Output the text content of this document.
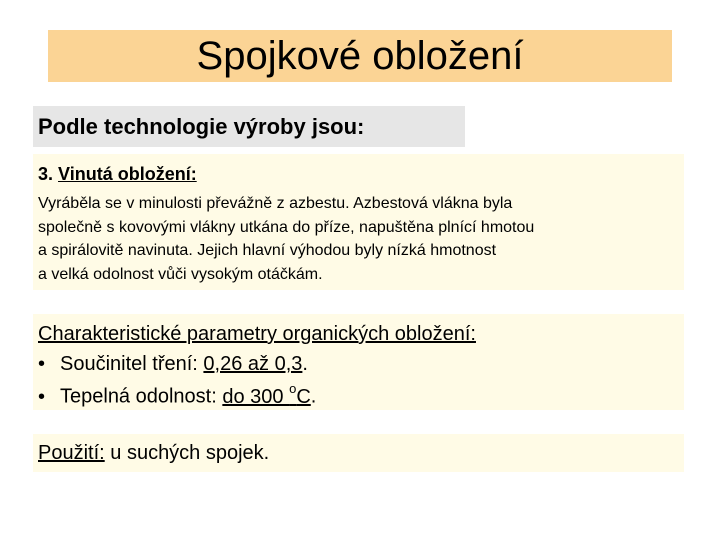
Spojkové obložení
Podle technologie výroby jsou:
3. Vinutá obložení:
Vyráběla se v minulosti převážně z azbestu. Azbestová vlákna byla
společně s kovovými vlákny utkána do příze, napuštěna plnící hmotou
a spirálovitě navinuta. Jejich hlavní výhodou byly nízká hmotnost
a velká odolnost vůči vysokým otáčkám.
Charakteristické parametry organických obložení:
• Součinitel tření: 0,26 až 0,3.
• Tepelná odolnost: do 300 $^o$C.
Použití: u suchých spojek.
